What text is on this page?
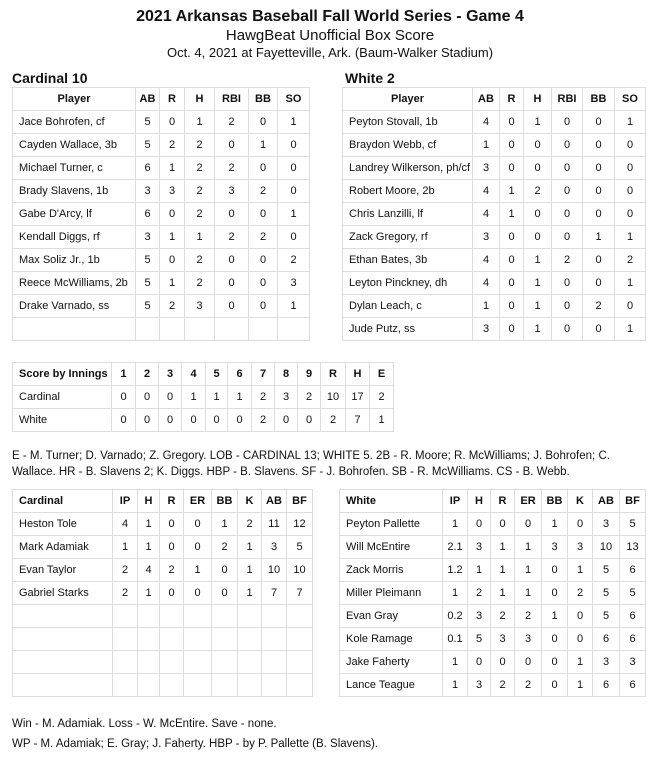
2021 Arkansas Baseball Fall World Series - Game 4
HawgBeat Unofficial Box Score
Oct. 4, 2021 at Fayetteville, Ark. (Baum-Walker Stadium)
Cardinal 10	White 2
Player	AB	R	H	RBI	BB	SO
Jace Bohrofen, cf	5	0	1	2	0	1
Cayden Wallace, 3b	5	2	2	0	1	0
Michael Turner, c	6	1	2	2	0	0
Brady Slavens, 1b	3	3	2	3	2	0
Gabe D'Arcy, lf	6	0	2	0	0	1
Kendall Diggs, rf	3	1	1	2	2	0
Max Soliz Jr., 1b	5	0	2	0	0	2
Reece McWilliams, 2b	5	1	2	0	0	3
Drake Varnado, ss	5	2	3	0	0	1

Player	AB	R	H	RBI	BB	SO
Peyton Stovall, 1b	4	0	1	0	0	1
Braydon Webb, cf	1	0	0	0	0	0
Landrey Wilkerson, ph/cf	3	0	0	0	0	0
Robert Moore, 2b	4	1	2	0	0	0
Chris Lanzilli, lf	4	1	0	0	0	0
Zack Gregory, rf	3	0	0	0	1	1
Ethan Bates, 3b	4	0	1	2	0	2
Leyton Pinckney, dh	4	0	1	0	0	1
Dylan Leach, c	1	0	1	0	2	0
Jude Putz, ss	3	0	1	0	0	1
Score by Innings	1	2	3	4	5	6	7	8	9	R	H	E
Cardinal	0	0	0	1	1	1	2	3	2	10	17	2
White	0	0	0	0	0	0	2	0	0	2	7	1
E - M. Turner; D. Varnado; Z. Gregory. LOB - CARDINAL 13; WHITE 5. 2B - R. Moore; R. McWilliams; J. Bohrofen; C. Wallace. HR - B. Slavens 2; K. Diggs. HBP - B. Slavens. SF - J. Bohrofen. SB - R. McWilliams. CS - B. Webb.
Cardinal	IP	H	R	ER	BB	K	AB	BF
Heston Tole	4	1	0	0	1	2	11	12
Mark Adamiak	1	1	0	0	2	1	3	5
Evan Taylor	2	4	2	1	0	1	10	10
Gabriel Starks	2	1	0	0	0	1	7	7

White	IP	H	R	ER	BB	K	AB	BF
Peyton Pallette	1	0	0	0	1	0	3	5
Will McEntire	2.1	3	1	1	3	3	10	13
Zack Morris	1.2	1	1	1	0	1	5	6
Miller Pleimann	1	2	1	1	0	2	5	5
Evan Gray	0.2	3	2	2	1	0	5	6
Kole Ramage	0.1	5	3	3	0	0	6	6
Jake Faherty	1	0	0	0	0	1	3	3
Lance Teague	1	3	2	2	0	1	6	6
Win - M. Adamiak. Loss - W. McEntire. Save - none.
WP - M. Adamiak; E. Gray; J. Faherty. HBP - by P. Pallette (B. Slavens).
